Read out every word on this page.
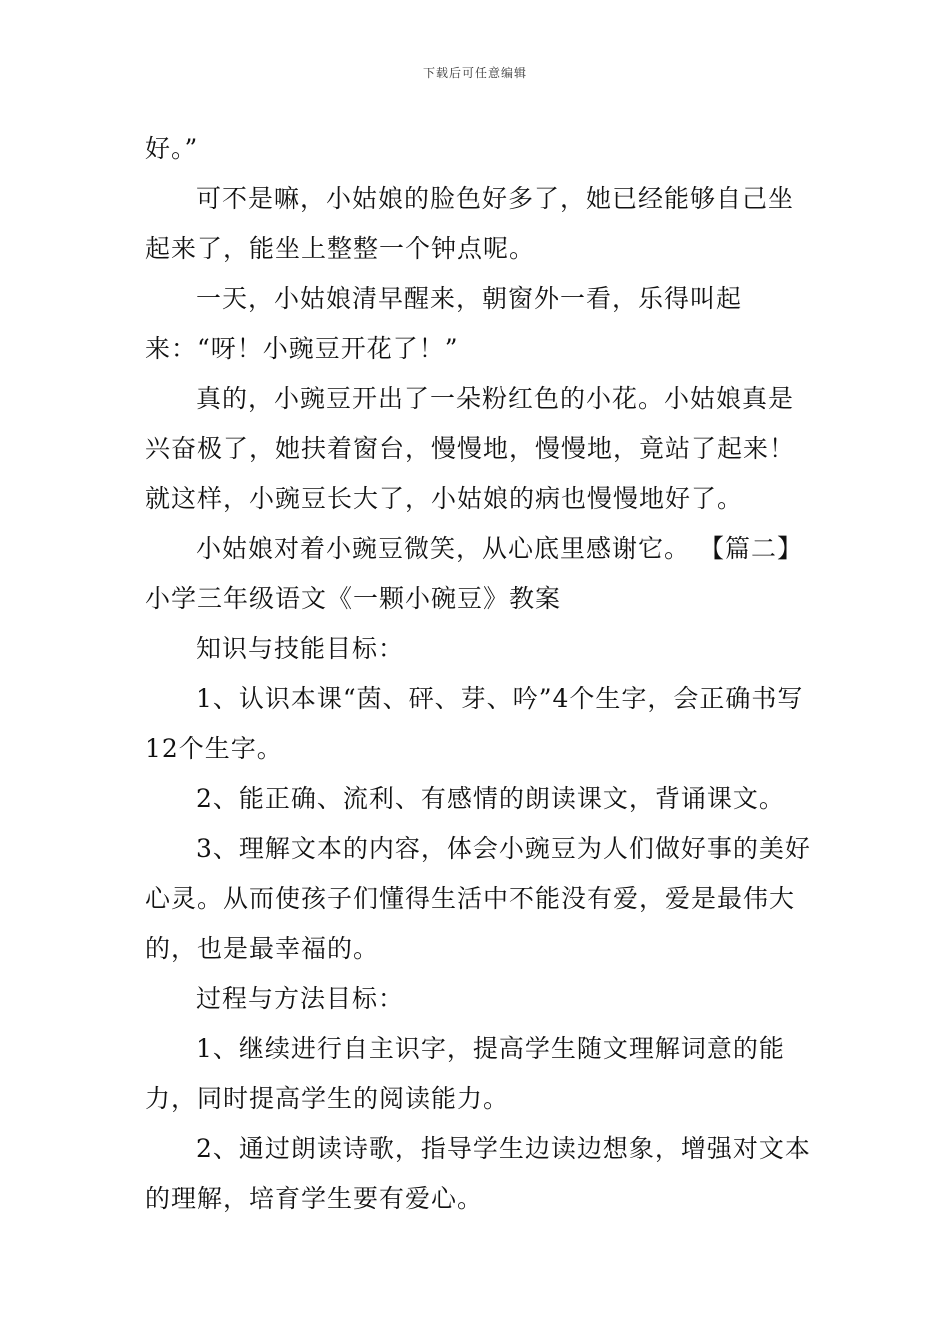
下载后可任意编辑

好。”

可不是嘛，小姑娘的脸色好多了，她已经能够自己坐起来了，能坐上整整一个钟点呢。

一天，小姑娘清早醒来，朝窗外一看，乐得叫起来：“呀！小豌豆开花了！”

真的，小豌豆开出了一朵粉红色的小花。小姑娘真是兴奋极了，她扶着窗台，慢慢地，慢慢地，竟站了起来！就这样，小豌豆长大了，小姑娘的病也慢慢地好了。

小姑娘对着小豌豆微笑，从心底里感谢它。 【篇二】小学三年级语文《一颗小碗豆》教案

知识与技能目标：

1、认识本课“茵、砰、芽、吟”4个生字，会正确书写12个生字。

2、能正确、流利、有感情的朗读课文，背诵课文。

3、理解文本的内容，体会小豌豆为人们做好事的美好心灵。从而使孩子们懂得生活中不能没有爱，爱是最伟大的，也是最幸福的。

过程与方法目标：

1、继续进行自主识字，提高学生随文理解词意的能力，同时提高学生的阅读能力。

2、通过朗读诗歌，指导学生边读边想象，增强对文本的理解，培育学生要有爱心。
